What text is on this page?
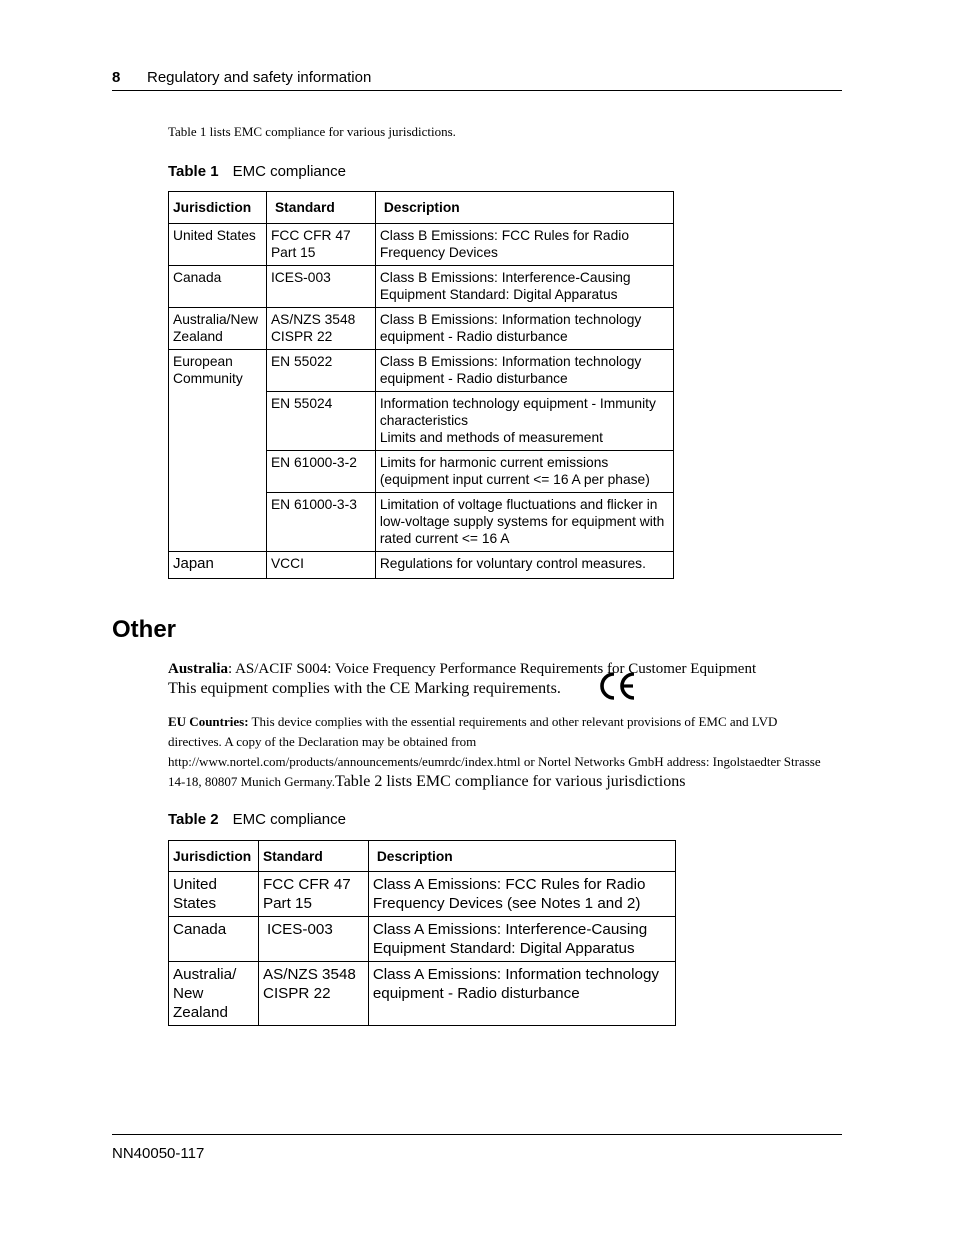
8 Regulatory and safety information
Table 1 lists EMC compliance for various jurisdictions.
Table 1 EMC compliance
Jurisdiction	Standard	Description
United States	FCC CFR 47 Part 15	Class B Emissions: FCC Rules for Radio Frequency Devices
Canada	ICES-003	Class B Emissions: Interference-Causing Equipment Standard: Digital Apparatus
Australia/New Zealand	AS/NZS 3548 CISPR 22	Class B Emissions: Information technology equipment - Radio disturbance
European Community	EN 55022	Class B Emissions: Information technology equipment - Radio disturbance
	EN 55024	Information technology equipment - Immunity characteristics
Limits and methods of measurement

	EN 61000-3-2	Limits for harmonic current emissions (equipment input current <= 16 A per phase)
	EN 61000-3-3	Limitation of voltage fluctuations and flicker in low-voltage supply systems for equipment with rated current <= 16 A
Japan	VCCI	Regulations for voluntary control measures.
Other
Australia: AS/ACIF S004: Voice Frequency Performance Requirements for Customer Equipment
This equipment complies with the CE Marking requirements.
EU Countries: This device complies with the essential requirements and other relevant provisions of EMC and LVD directives. A copy of the Declaration may be obtained from http://www.nortel.com/products/announcements/eumrdc/index.html or Nortel Networks GmbH address: Ingolstaedter Strasse 14-18, 80807 Munich Germany.Table 2 lists EMC compliance for various jurisdictions
Table 2 EMC compliance
Jurisdiction	Standard	Description
United States	FCC CFR 47 Part 15	Class A Emissions: FCC Rules for Radio Frequency Devices (see Notes 1 and 2)
Canada	ICES-003	Class A Emissions: Interference-Causing Equipment Standard: Digital Apparatus
Australia/ New Zealand	AS/NZS 3548 CISPR 22	Class A Emissions: Information technology equipment - Radio disturbance
NN40050-117
